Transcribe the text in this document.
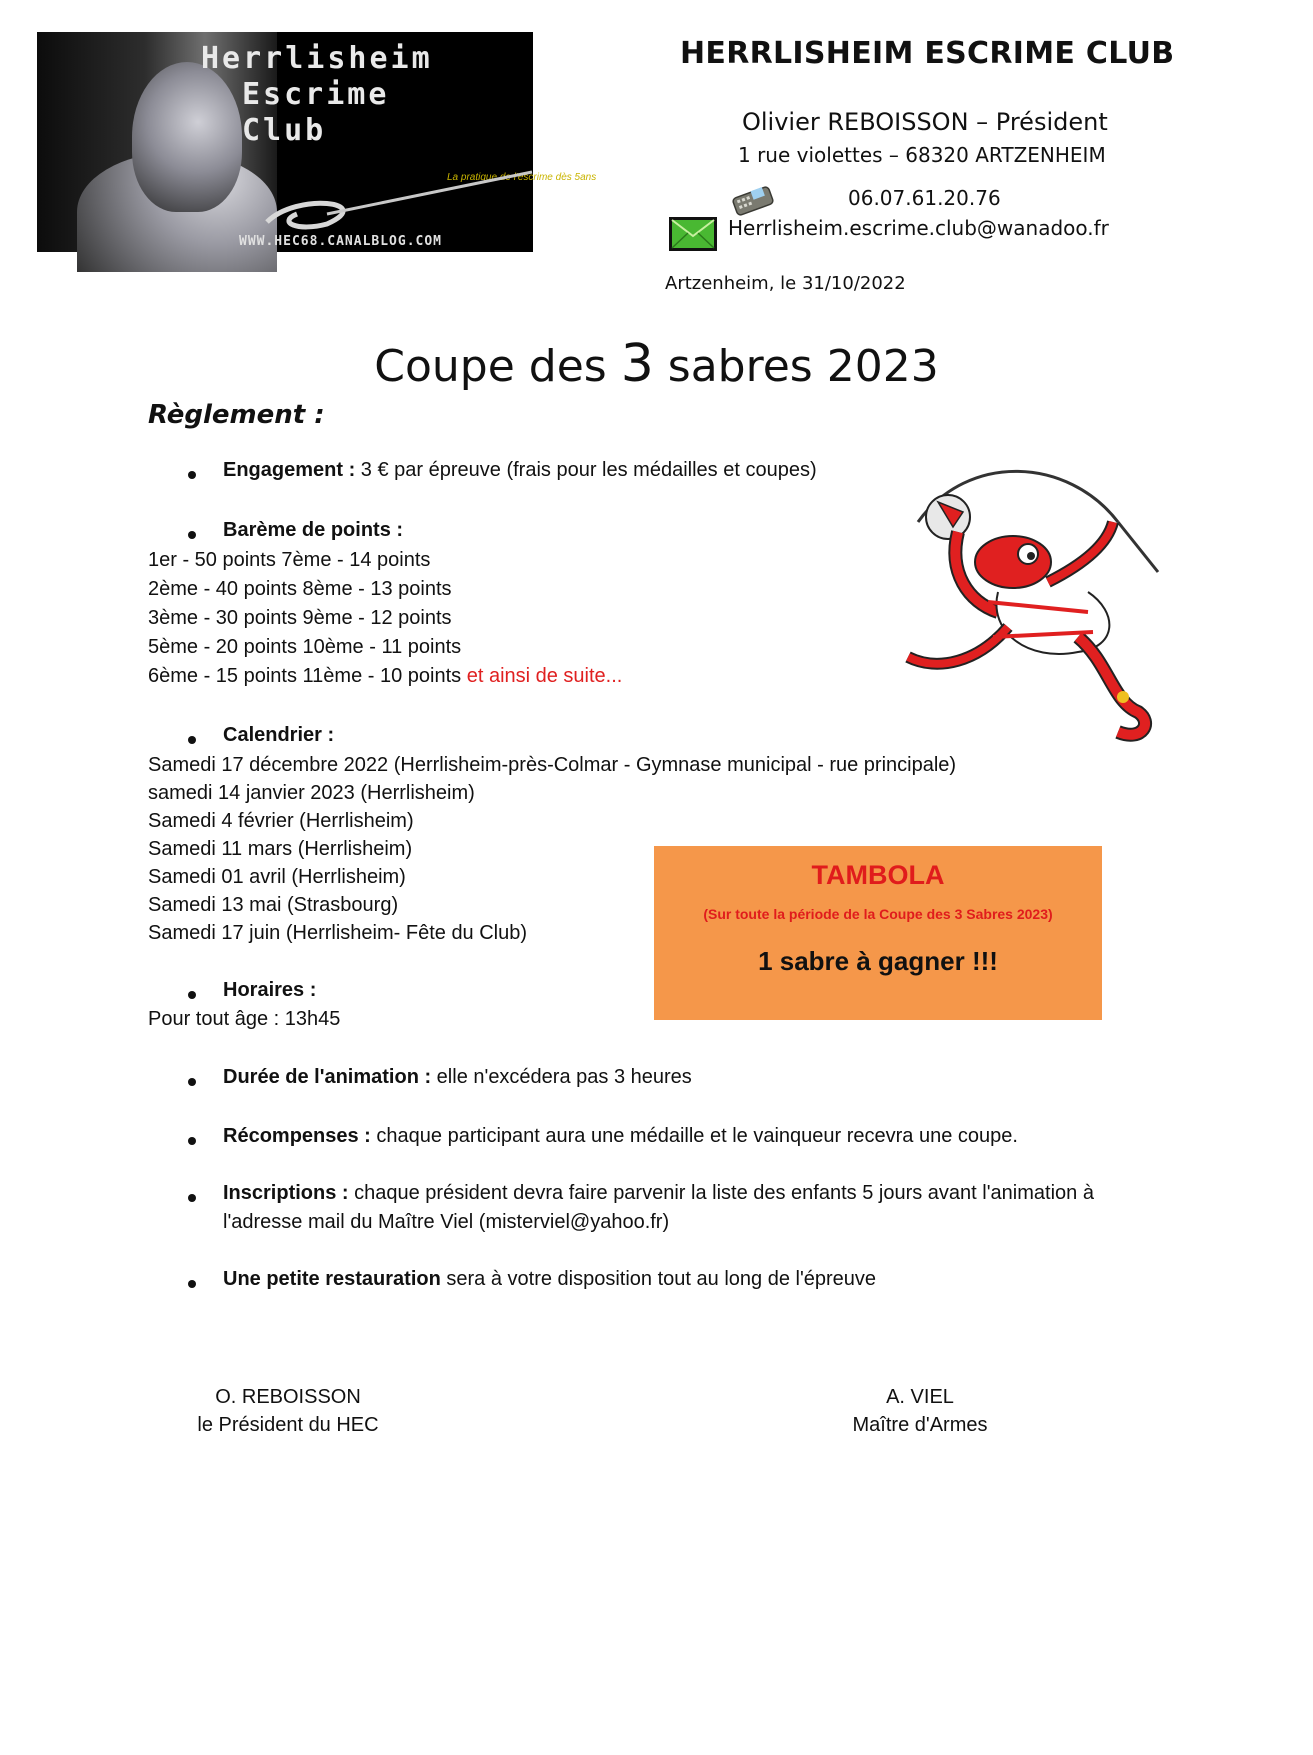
Herrlisheim
Escrime
Club
La pratique de l'escrime dès 5ans
WWW.HEC68.CANALBLOG.COM
HERRLISHEIM ESCRIME CLUB
Olivier REBOISSON – Président
1 rue violettes – 68320 ARTZENHEIM
06.07.61.20.76
Herrlisheim.escrime.club@wanadoo.fr
Artzenheim, le 31/10/2022
Coupe des 3 sabres 2023
Règlement :
Engagement : 3 € par épreuve (frais pour les médailles et coupes)
Barème de points :
1er - 50 points 7ème - 14 points
2ème - 40 points 8ème - 13 points
3ème - 30 points 9ème - 12 points
5ème - 20 points 10ème - 11 points
6ème - 15 points 11ème - 10 points et ainsi de suite...
Calendrier :
Samedi 17 décembre 2022 (Herrlisheim-près-Colmar - Gymnase municipal - rue principale)
samedi 14 janvier 2023 (Herrlisheim)
Samedi 4 février (Herrlisheim)
Samedi 11 mars (Herrlisheim)
Samedi 01 avril (Herrlisheim)
Samedi 13 mai (Strasbourg)
Samedi 17 juin (Herrlisheim- Fête du Club)
TAMBOLA
(Sur toute la période de la Coupe des 3 Sabres 2023)
1 sabre à gagner !!!
Horaires :
Pour tout âge : 13h45
Durée de l'animation : elle n'excédera pas 3 heures
Récompenses : chaque participant aura une médaille et le vainqueur recevra une coupe.
Inscriptions : chaque président devra faire parvenir la liste des enfants 5 jours avant l'animation à
l'adresse mail du Maître Viel (misterviel@yahoo.fr)
Une petite restauration sera à votre disposition tout au long de l'épreuve
O. REBOISSON
le Président du HEC
A. VIEL
Maître d'Armes
